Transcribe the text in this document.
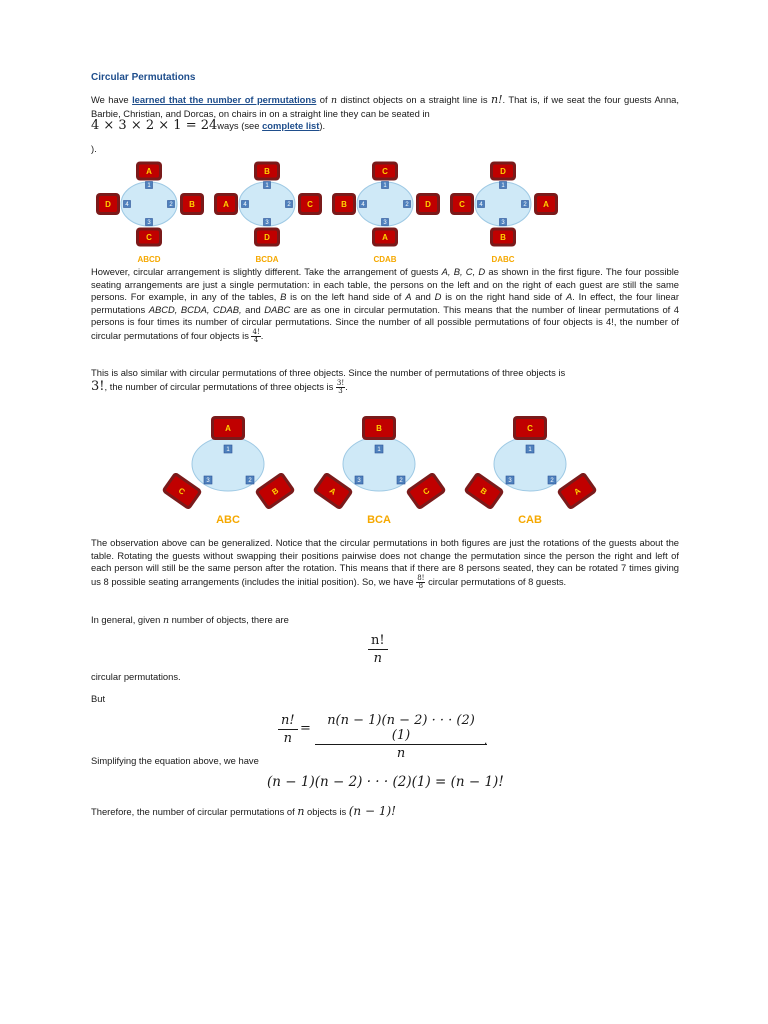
Circular Permutations
We have learned that the number of permutations of n distinct objects on a straight line is n!. That is, if we seat the four guests Anna, Barbie, Christian, and Dorcas, on chairs in on a straight line they can be seated in
4 × 3 × 2 × 1 = 24ways (see complete list).
).
1
2
3
4
A
B
C
D
ABCD
1
2
3
4
B
C
D
A
BCDA
1
2
3
4
C
D
A
B
CDAB
1
2
3
4
D
A
B
C
DABC
However, circular arrangement is slightly different. Take the arrangement of guests A, B, C, D as shown in the first figure. The four possible seating arrangements are just a single permutation: in each table, the persons on the left and on the right of each guest are still the same persons. For example, in any of the tables, B is on the left hand side of A and D is on the right hand side of A. In effect, the four linear permutations ABCD, BCDA, CDAB, and DABC are as one in circular permutation. This means that the number of linear permutations of 4 persons is four times its number of circular permutations. Since the number of all possible permutations of four objects is 4!, the number of circular permutations of four objects is $\frac{4!}{4}$ .
This is also similar with circular permutations of three objects. Since the number of permutations of three objects is
3!, the number of circular permutations of three objects is $\frac{3!}{3}$ .
1
2
3
A
C	B
ABC
1
2
3
B
A	C
BCA
1
2
3
C
B	A
CAB
The observation above can be generalized. Notice that the circular permutations in both figures are just the rotations of the guests about the table. Rotating the guests without swapping their positions pairwise does not change the permutation since the person the right and left of each person will still be the same person after the rotation. This means that if there are 8 persons seated, they can be rotated 7 times giving us 8 possible seating arrangements (includes the initial position). So, we have $\frac{8!}{8}$ circular permutations of 8 guests.
In general, given n number of objects, there are
$\frac{n!}{n}$
circular permutations.
But
$\frac{n!}{n} = \frac{n(n - 1)(n - 2) \cdot \cdot \cdot (2)(1)}{n}$
.
Simplifying the equation above, we have
(n − 1)(n − 2) · · · (2)(1) = (n − 1)!
Therefore, the number of circular permutations of n objects is (n − 1)!
